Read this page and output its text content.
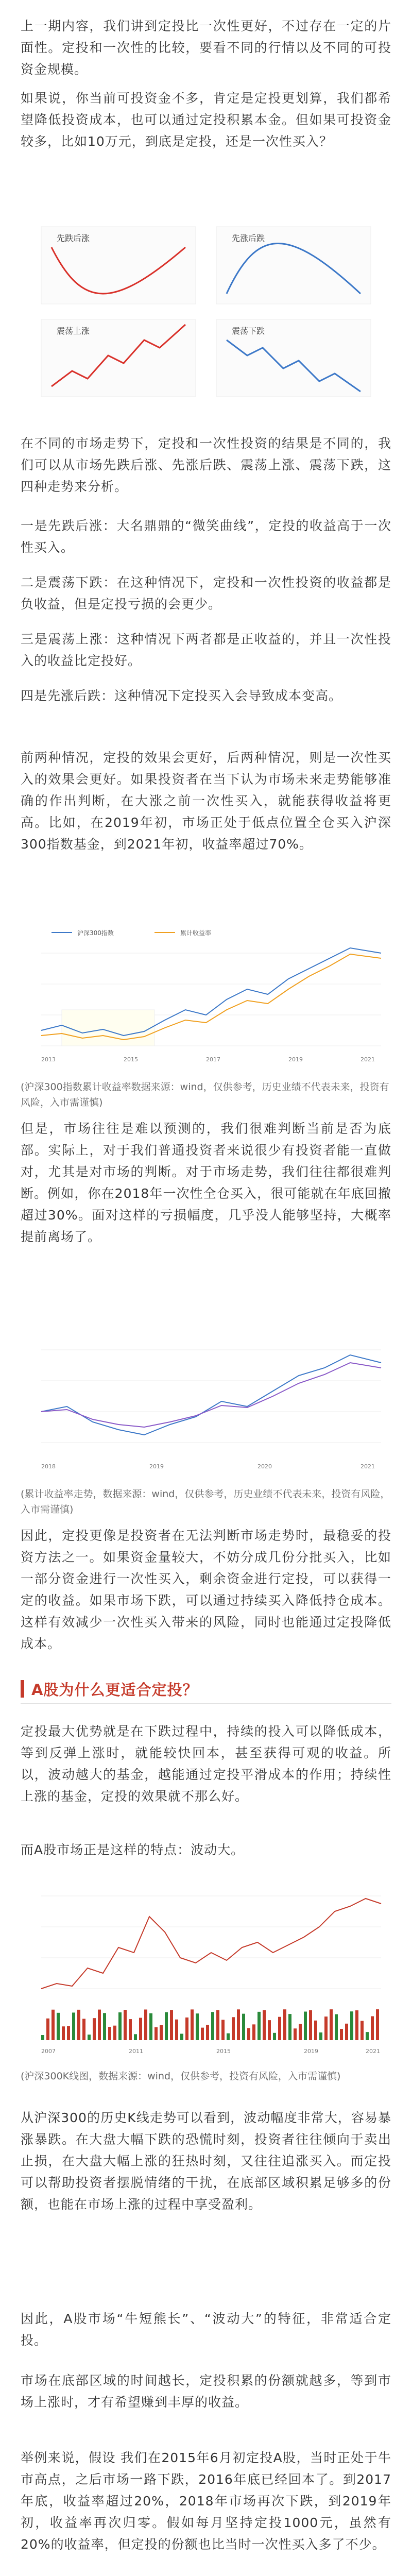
上一期内容，我们讲到定投比一次性更好，不过存在一定的片面性。定投和一次性的比较，要看不同的行情以及不同的可投资金规模。

如果说，你当前可投资金不多，肯定是定投更划算，我们都希望降低投资成本，也可以通过定投积累本金。但如果可投资金较多，比如10万元，到底是定投，还是一次性买入？

先跌后涨	先涨后跌
震荡上涨	震荡下跌

在不同的市场走势下，定投和一次性投资的结果是不同的，我们可以从市场先跌后涨、先涨后跌、震荡上涨、震荡下跌，这四种走势来分析。

一是先跌后涨：大名鼎鼎的“微笑曲线”，定投的收益高于一次性买入。

二是震荡下跌：在这种情况下，定投和一次性投资的收益都是负收益，但是定投亏损的会更少。

三是震荡上涨：这种情况下两者都是正收益的，并且一次性投入的收益比定投好。

四是先涨后跌：这种情况下定投买入会导致成本变高。

前两种情况，定投的效果会更好，后两种情况，则是一次性买入的效果会更好。如果投资者在当下认为市场未来走势能够准确的作出判断，在大涨之前一次性买入，就能获得收益将更高。比如，在2019年初，市场正处于低点位置全仓买入沪深300指数基金，到2021年初，收益率超过70%。

沪深300指数	累计收益率
2013	2015	2017	2019	2021

(沪深300指数累计收益率数据来源：wind，仅供参考，历史业绩不代表未来，投资有风险，入市需谨慎)

但是，市场往往是难以预测的，我们很难判断当前是否为底部。实际上，对于我们普通投资者来说很少有投资者能一直做对，尤其是对市场的判断。对于市场走势，我们往往都很难判断。例如，你在2018年一次性全仓买入，很可能就在年底回撤超过30%。面对这样的亏损幅度，几乎没人能够坚持，大概率提前离场了。

2018	2019	2020	2021

(累计收益率走势，数据来源：wind，仅供参考，历史业绩不代表未来，投资有风险，入市需谨慎)

因此，定投更像是投资者在无法判断市场走势时，最稳妥的投资方法之一。如果资金量较大，不妨分成几份分批买入，比如一部分资金进行一次性买入，剩余资金进行定投，可以获得一定的收益。如果市场下跌，可以通过持续买入降低持仓成本。这样有效减少一次性买入带来的风险，同时也能通过定投降低成本。

A股为什么更适合定投？

定投最大优势就是在下跌过程中，持续的投入可以降低成本，等到反弹上涨时，就能较快回本，甚至获得可观的收益。所以，波动越大的基金，越能通过定投平滑成本的作用；持续性上涨的基金，定投的效果就不那么好。

而A股市场正是这样的特点：波动大。

2007	2011	2015	2019	2021

(沪深300K线图，数据来源：wind，仅供参考，投资有风险，入市需谨慎)

从沪深300的历史K线走势可以看到，波动幅度非常大，容易暴涨暴跌。在大盘大幅下跌的恐慌时刻，投资者往往倾向于卖出止损，在大盘大幅上涨的狂热时刻，又往往追涨买入。而定投可以帮助投资者摆脱情绪的干扰，在底部区域积累足够多的份额，也能在市场上涨的过程中享受盈利。

因此，A股市场“牛短熊长”、“波动大”的特征，非常适合定投。

市场在底部区域的时间越长，定投积累的份额就越多，等到市场上涨时，才有希望赚到丰厚的收益。

举例来说，假设 我们在2015年6月初定投A股，当时正处于牛市高点，之后市场一路下跌，2016年底已经回本了。到2017年底，收益率超过20%，2018年市场再次下跌，到2019年初，收益率再次归零。假如每月坚持定投1000元，虽然有20%的收益率，但定投的份额也比当时一次性买入多了不少。
